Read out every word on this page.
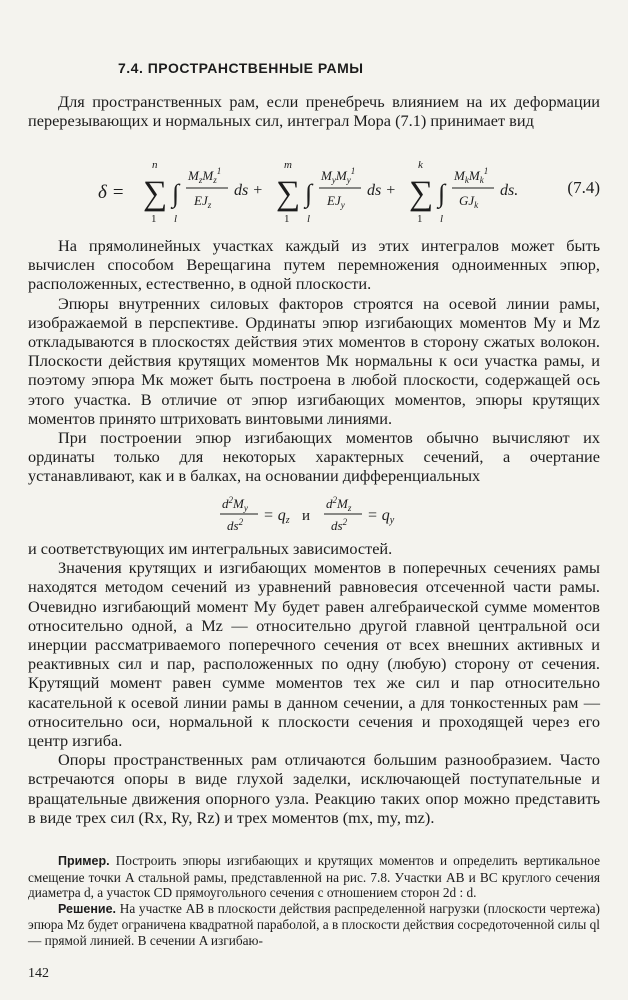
7.4. ПРОСТРАНСТВЕННЫЕ РАМЫ

Для пространственных рам, если пренебречь влиянием на их деформации перерезывающих и нормальных сил, интеграл Мора (7.1) принимает вид

δ = ∑
n
1
∫
l
$M_zM_z^1$
$EJ_z$
ds + ∑
m
1
∫
l
$M_yM_y^1$
$EJ_y$
ds + ∑
k
1
∫
l
$M_kM_k^1$
$GJ_k$
ds.	(7.4)

На прямолинейных участках каждый из этих интегралов может быть вычислен способом Верещагина путем перемножения одноименных эпюр, расположенных, естественно, в одной плоскости.

Эпюры внутренних силовых факторов строятся на осевой линии рамы, изображаемой в перспективе. Ординаты эпюр изгибающих моментов My и Mz откладываются в плоскостях действия этих моментов в сторону сжатых волокон. Плоскости действия крутящих моментов Mк нормальны к оси участка рамы, и поэтому эпюра Mк может быть построена в любой плоскости, содержащей ось этого участка. В отличие от эпюр изгибающих моментов, эпюры крутящих моментов принято штриховать винтовыми линиями.

При построении эпюр изгибающих моментов обычно вычисляют их ординаты только для некоторых характерных сечений, а очертание устанавливают, как и в балках, на основании дифференциальных

$d^2M_y$
$ds^2$ = qz и
$d^2M_z$
$ds^2$ = qy

и соответствующих им интегральных зависимостей.

Значения крутящих и изгибающих моментов в поперечных сечениях рамы находятся методом сечений из уравнений равновесия отсеченной части рамы. Очевидно изгибающий момент My будет равен алгебраической сумме моментов относительно одной, а Mz — относительно другой главной центральной оси инерции рассматриваемого поперечного сечения от всех внешних активных и реактивных сил и пар, расположенных по одну (любую) сторону от сечения. Крутящий момент равен сумме моментов тех же сил и пар относительно касательной к осевой линии рамы в данном сечении, а для тонкостенных рам — относительно оси, нормальной к плоскости сечения и проходящей через его центр изгиба.

Опоры пространственных рам отличаются большим разнообразием. Часто встречаются опоры в виде глухой заделки, исключающей поступательные и вращательные движения опорного узла. Реакцию таких опор можно представить в виде трех сил (Rx, Ry, Rz) и трех моментов (mx, my, mz).

Пример. Построить эпюры изгибающих и крутящих моментов и определить вертикальное смещение точки A стальной рамы, представленной на рис. 7.8. Участки AB и BC круглого сечения диаметра d, а участок CD прямоугольного сечения с отношением сторон 2d : d.

Решение. На участке AB в плоскости действия распределенной нагрузки (плоскости чертежа) эпюра Mz будет ограничена квадратной параболой, а в плоскости действия сосредоточенной силы ql — прямой линией. В сечении A изгибаю-

142
